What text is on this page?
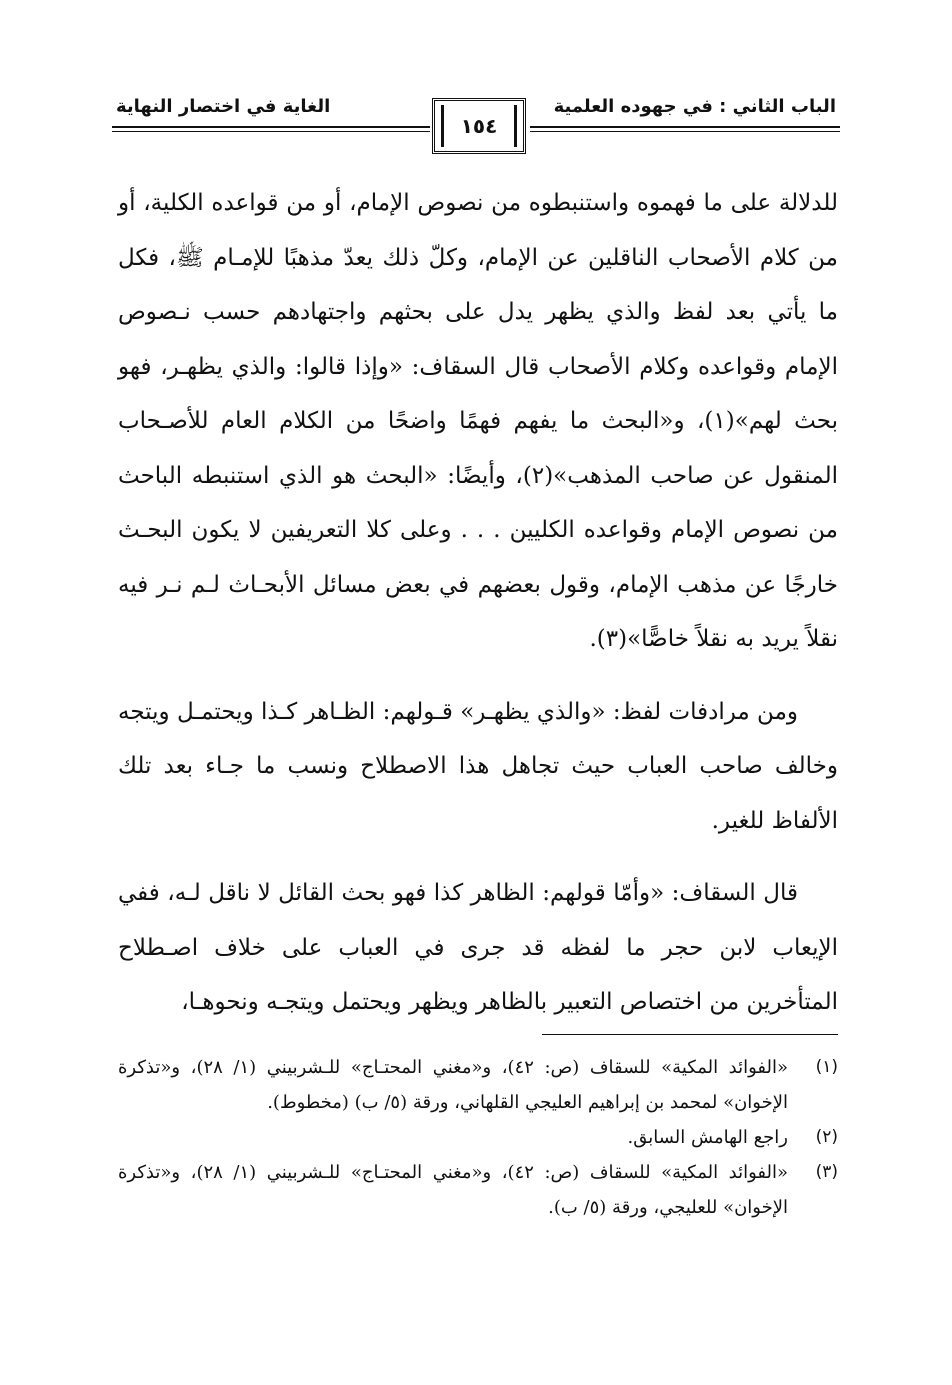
الغاية في اختصار النهاية	الباب الثاني : في جهوده العلمية
١٥٤

للدلالة على ما فهموه واستنبطوه من نصوص الإمام، أو من قواعده الكلية، أو من كلام الأصحاب الناقلين عن الإمام، وكلّ ذلك يعدّ مذهبًا للإمـام ﷺ، فكل ما يأتي بعد لفظ والذي يظهر يدل على بحثهم واجتهادهم حسب نـصوص الإمام وقواعده وكلام الأصحاب قال السقاف: «وإذا قالوا: والذي يظهـر، فهو بحث لهم»(١)، و«البحث ما يفهم فهمًا واضحًا من الكلام العام للأصـحاب المنقول عن صاحب المذهب»(٢)، وأيضًا: «البحث هو الذي استنبطه الباحث من نصوص الإمام وقواعده الكليين . . . وعلى كلا التعريفين لا يكون البحـث خارجًا عن مذهب الإمام، وقول بعضهم في بعض مسائل الأبحـاث لـم نـر فيه نقلاً يريد به نقلاً خاصًّا»(٣).

ومن مرادفات لفظ: «والذي يظهـر» قـولهم: الظـاهر كـذا ويحتمـل ويتجه وخالف صاحب العباب حيث تجاهل هذا الاصطلاح ونسب ما جـاء بعد تلك الألفاظ للغير.

قال السقاف: «وأمّا قولهم: الظاهر كذا فهو بحث القائل لا ناقل لـه، ففي الإيعاب لابن حجر ما لفظه قد جرى في العباب على خلاف اصـطلاح المتأخرين من اختصاص التعبير بالظاهر ويظهر ويحتمل ويتجـه ونحوهـا،

(١)
«الفوائد المكية» للسقاف (ص: ٤٢)، و«مغني المحتـاج» للـشربيني (١/ ٢٨)، و«تذكرة الإخوان» لمحمد بن إبراهيم العليجي القلهاني، ورقة (٥/ ب) (مخطوط).
(٢)
راجع الهامش السابق.
(٣)
«الفوائد المكية» للسقاف (ص: ٤٢)، و«مغني المحتـاج» للـشربيني (١/ ٢٨)، و«تذكرة الإخوان» للعليجي، ورقة (٥/ ب).
